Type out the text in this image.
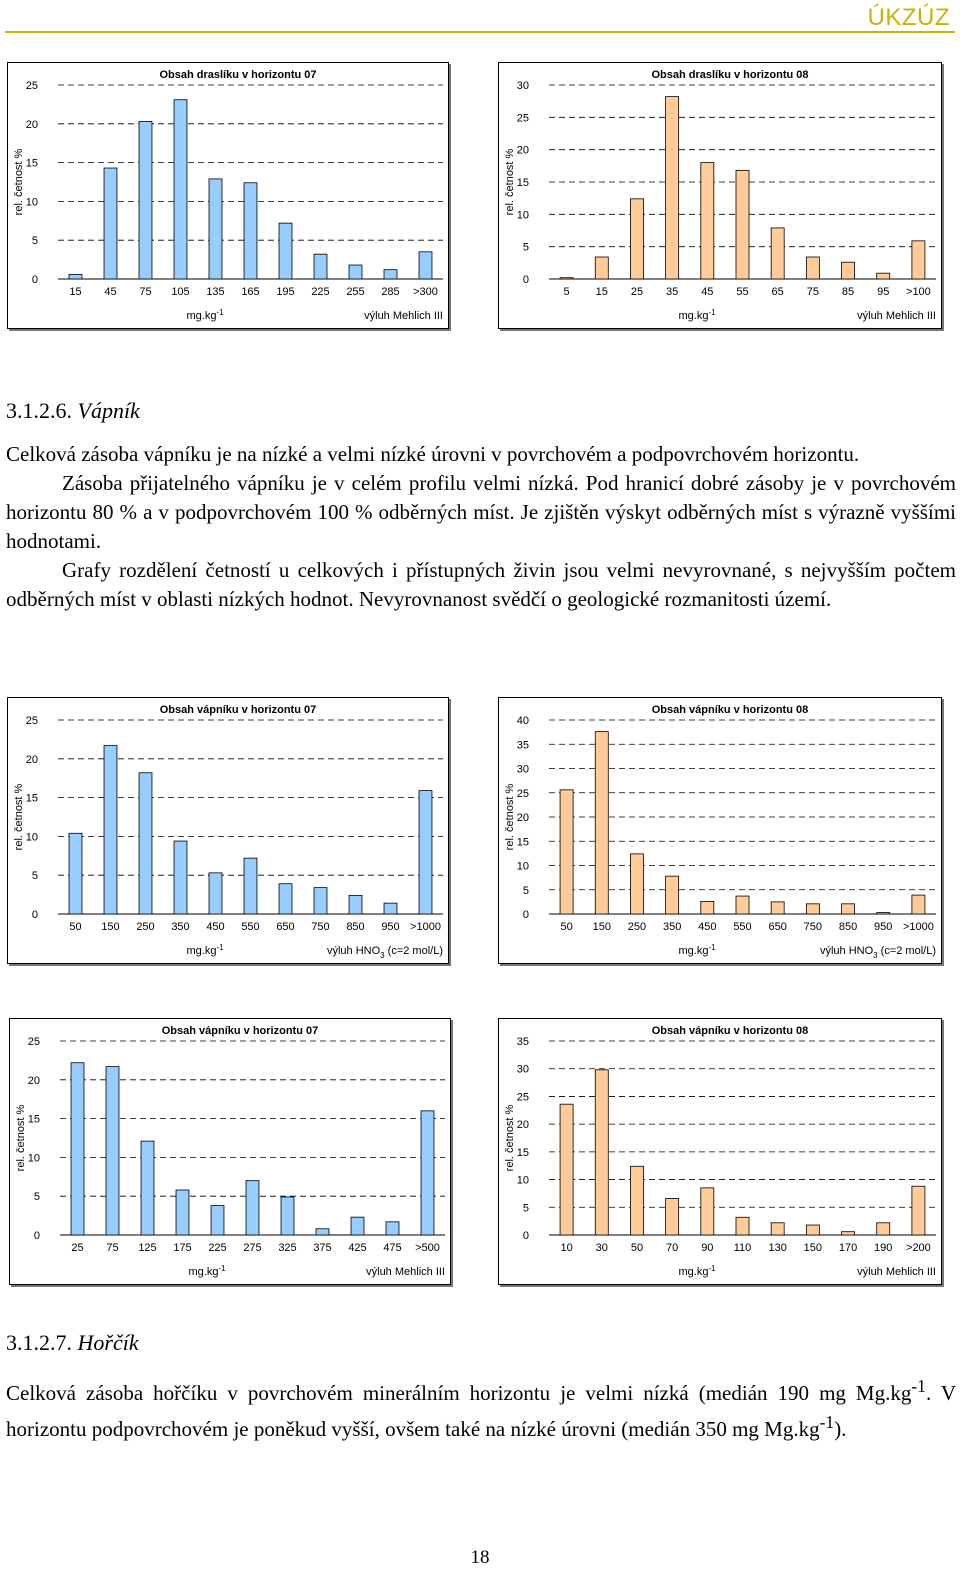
ÚKZÚZ
Obsah draslíku v horizontu 07
0
5
10
15
20
25
rel. četnost %
15 45 75 105 135 165 195 225 255 285 >300
$mg.kg^{-1}$	výluh Mehlich III
Obsah draslíku v horizontu 08
0
5
10
15
20
25
30
rel. četnost %
5 15 25 35 45 55 65 75 85 95 >100
$mg.kg^{-1}$	výluh Mehlich III
3.1.2.6. Vápník

Celková zásoba vápníku je na nízké a velmi nízké úrovni v povrchovém a podpovrchovém horizontu.

Zásoba přijatelného vápníku je v celém profilu velmi nízká. Pod hranicí dobré zásoby je v povrchovém horizontu 80 % a v podpovrchovém 100 % odběrných míst. Je zjištěn výskyt odběrných míst s výrazně vyššími hodnotami.

Grafy rozdělení četností u celkových i přístupných živin jsou velmi nevyrovnané, s nejvyšším počtem odběrných míst v oblasti nízkých hodnot. Nevyrovnanost svědčí o geologické rozmanitosti území.

Obsah vápníku v horizontu 07
0
5
10
15
20
25
rel. četnost %
50 150 250 350 450 550 650 750 850 950 >1000
$mg.kg^{-1}$	výluh $HNO_3$ (c=2 mol/L)
Obsah vápníku v horizontu 08
0
5
10
15
20
25
30
35
40
rel. četnost %
50 150 250 350 450 550 650 750 850 950 >1000
$mg.kg^{-1}$	výluh $HNO_3$ (c=2 mol/L)
Obsah vápníku v horizontu 07
0
5
10
15
20
25
rel. četnost %
25 75 125 175 225 275 325 375 425 475 >500
$mg.kg^{-1}$	výluh Mehlich III
Obsah vápníku v horizontu 08
0
5
10
15
20
25
30
35
rel. četnost %
10 30 50 70 90 110 130 150 170 190 >200
$mg.kg^{-1}$	výluh Mehlich III
3.1.2.7. Hořčík

Celková zásoba hořčíku v povrchovém minerálním horizontu je velmi nízká (medián 190 mg $Mg.kg^{-1}$. V horizontu podpovrchovém je poněkud vyšší, ovšem také na nízké úrovni (medián 350 mg $Mg.kg^{-1}$).

18
